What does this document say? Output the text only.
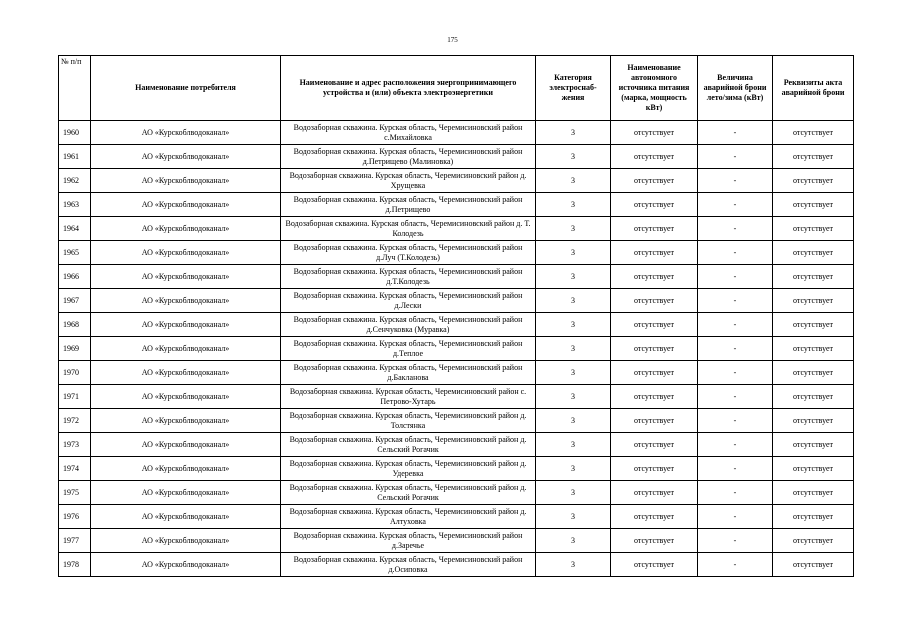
175
№ п/п	Наименование потребителя	Наименование и адрес расположения энергопринимающего устройства и (или) объекта электроэнергетики	Категория электроснаб-жения	Наименование автономного источника питания (марка, мощность кВт)	Величина аварийной брони лето/зима (кВт)	Реквизиты акта аварийной брони
1960	АО «Курскоблводоканал»	Водозаборная скважина. Курская область, Черемисиновский район с.Михайловка	3	отсутствует	-	отсутствует
1961	АО «Курскоблводоканал»	Водозаборная скважина. Курская область, Черемисиновский район д.Петрищево (Малиновка)	3	отсутствует	-	отсутствует
1962	АО «Курскоблводоканал»	Водозаборная скважина. Курская область, Черемисиновский район д. Хрущевка	3	отсутствует	-	отсутствует
1963	АО «Курскоблводоканал»	Водозаборная скважина. Курская область, Черемисиновский район д.Петрищево	3	отсутствует	-	отсутствует
1964	АО «Курскоблводоканал»	Водозаборная скважина. Курская область, Черемисиновский район д. Т. Колодезь	3	отсутствует	-	отсутствует
1965	АО «Курскоблводоканал»	Водозаборная скважина. Курская область, Черемисиновский район д.Луч (Т.Колодезь)	3	отсутствует	-	отсутствует
1966	АО «Курскоблводоканал»	Водозаборная скважина. Курская область, Черемисиновский район д.Т.Колодезь	3	отсутствует	-	отсутствует
1967	АО «Курскоблводоканал»	Водозаборная скважина. Курская область, Черемисиновский район д.Лески	3	отсутствует	-	отсутствует
1968	АО «Курскоблводоканал»	Водозаборная скважина. Курская область, Черемисиновский район д.Сенчуковка (Муравка)	3	отсутствует	-	отсутствует
1969	АО «Курскоблводоканал»	Водозаборная скважина. Курская область, Черемисиновский район д.Теплое	3	отсутствует	-	отсутствует
1970	АО «Курскоблводоканал»	Водозаборная скважина. Курская область, Черемисиновский район д.Бакланова	3	отсутствует	-	отсутствует
1971	АО «Курскоблводоканал»	Водозаборная скважина. Курская область, Черемисиновский район с. Петрово-Хутарь	3	отсутствует	-	отсутствует
1972	АО «Курскоблводоканал»	Водозаборная скважина. Курская область, Черемисиновский район д. Толстянка	3	отсутствует	-	отсутствует
1973	АО «Курскоблводоканал»	Водозаборная скважина. Курская область, Черемисиновский район д. Сельский Рогачик	3	отсутствует	-	отсутствует
1974	АО «Курскоблводоканал»	Водозаборная скважина. Курская область, Черемисиновский район д. Удеревка	3	отсутствует	-	отсутствует
1975	АО «Курскоблводоканал»	Водозаборная скважина. Курская область, Черемисиновский район д. Сельский Рогачик	3	отсутствует	-	отсутствует
1976	АО «Курскоблводоканал»	Водозаборная скважина. Курская область, Черемисиновский район д. Алтуховка	3	отсутствует	-	отсутствует
1977	АО «Курскоблводоканал»	Водозаборная скважина. Курская область, Черемисиновский район д.Заречье	3	отсутствует	-	отсутствует
1978	АО «Курскоблводоканал»	Водозаборная скважина. Курская область, Черемисиновский район д.Осиповка	3	отсутствует	-	отсутствует
